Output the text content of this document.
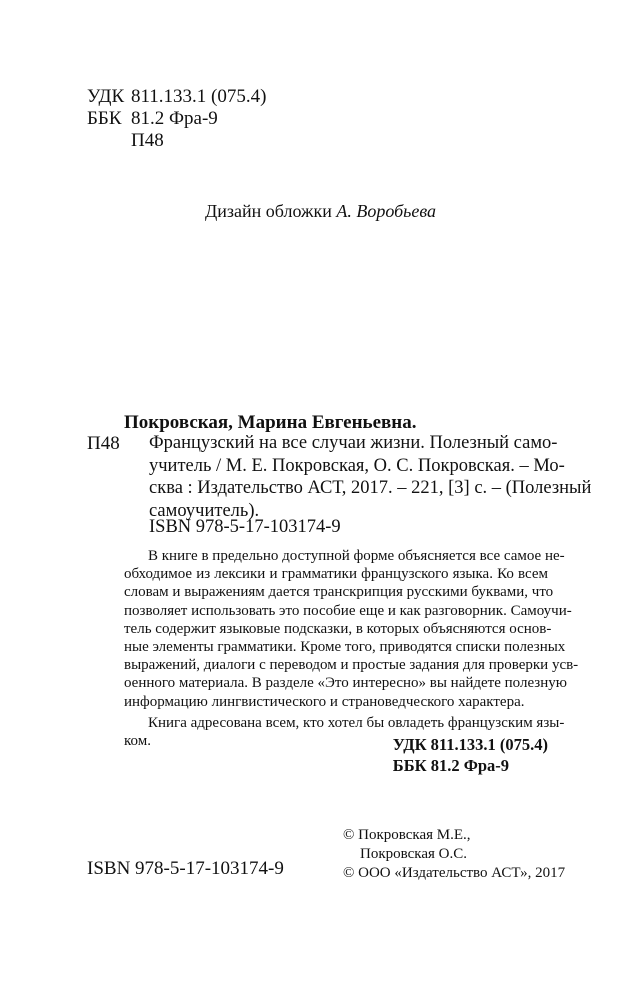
УДК 811.133.1 (075.4)
ББК 81.2 Фра-9
П48
Дизайн обложки А. Воробьева
Покровская, Марина Евгеньевна.
П48 Французский на все случаи жизни. Полезный само-
учитель / М. Е. Покровская, О. С. Покровская. – Мо-
сква : Издательство АСТ, 2017. – 221, [3] с. – (Полезный
самоучитель).
ISBN 978-5-17-103174-9
В книге в предельно доступной форме объясняется все самое не-
обходимое из лексики и грамматики французского языка. Ко всем
словам и выражениям дается транскрипция русскими буквами, что
позволяет использовать это пособие еще и как разговорник. Самоучи-
тель содержит языковые подсказки, в которых объясняются основ-
ные элементы грамматики. Кроме того, приводятся списки полезных
выражений, диалоги с переводом и простые задания для проверки усв-
оенного материала. В разделе «Это интересно» вы найдете полезную
информацию лингвистического и страноведческого характера.
Книга адресована всем, кто хотел бы овладеть французским язы-
ком.	УДК 811.133.1 (075.4)
ББК 81.2 Фра-9
© Покровская М.Е.,
Покровская О.С.
© ООО «Издательство АСТ», 2017
ISBN 978-5-17-103174-9
